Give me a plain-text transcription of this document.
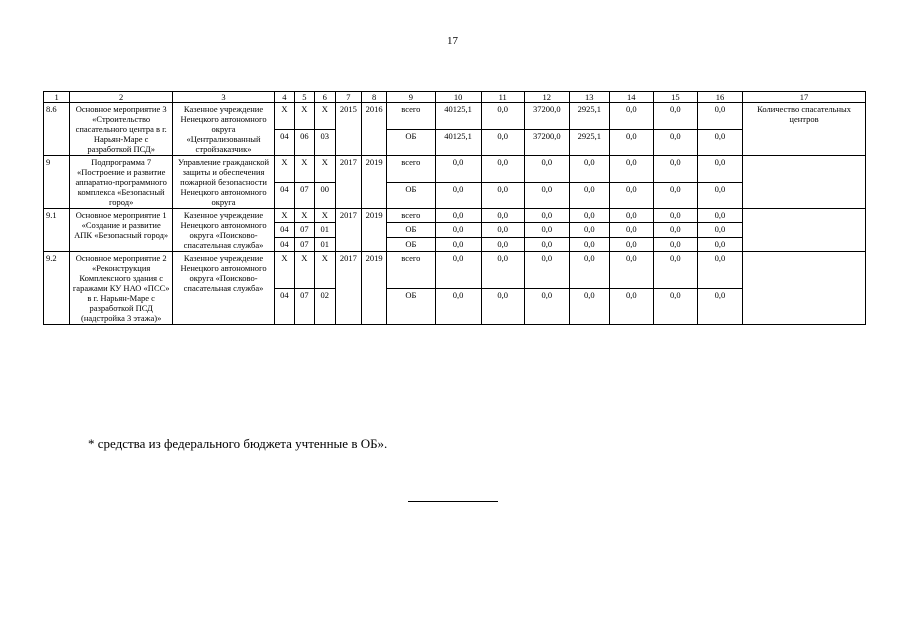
17
1	2	3	4	5	6	7	8	9	10	11	12	13	14	15	16	17
8.6	Основное мероприятие 3 «Строительство спасательного центра в г. Нарьян-Маре с разработкой ПСД»	Казенное учреждение Ненецкого автономного округа «Централизованный стройзаказчик»	Х	Х	Х	2015	2016	всего	40125,1	0,0	37200,0	2925,1	0,0	0,0	0,0	Количество спасательных центров
			04	06	03			ОБ	40125,1	0,0	37200,0	2925,1	0,0	0,0	0,0	
9	Подпрограмма 7 «Построение и развитие аппаратно-программного комплекса «Безопасный город»	Управление гражданской защиты и обеспечения пожарной безопасности Ненецкого автономного округа	Х	Х	Х	2017	2019	всего	0,0	0,0	0,0	0,0	0,0	0,0	0,0	
			04	07	00			ОБ	0,0	0,0	0,0	0,0	0,0	0,0	0,0	
9.1	Основное мероприятие 1 «Создание и развитие АПК «Безопасный город»	Казенное учреждение Ненецкого автономного округа «Поисково-спасательная служба»	Х	Х	Х	2017	2019	всего	0,0	0,0	0,0	0,0	0,0	0,0	0,0	
			04	07	01			ОБ	0,0	0,0	0,0	0,0	0,0	0,0	0,0	
			04	07	01			ОБ	0,0	0,0	0,0	0,0	0,0	0,0	0,0	
9.2	Основное мероприятие 2 «Реконструкция Комплексного здания с гаражами КУ НАО «ПСС» в г. Нарьян-Маре с разработкой ПСД (надстройка 3 этажа)»	Казенное учреждение Ненецкого автономного округа «Поисково-спасательная служба»	Х	Х	Х	2017	2019	всего	0,0	0,0	0,0	0,0	0,0	0,0	0,0	
			04	07	02			ОБ	0,0	0,0	0,0	0,0	0,0	0,0	0,0	
* средства из федерального бюджета учтенные в ОБ».
